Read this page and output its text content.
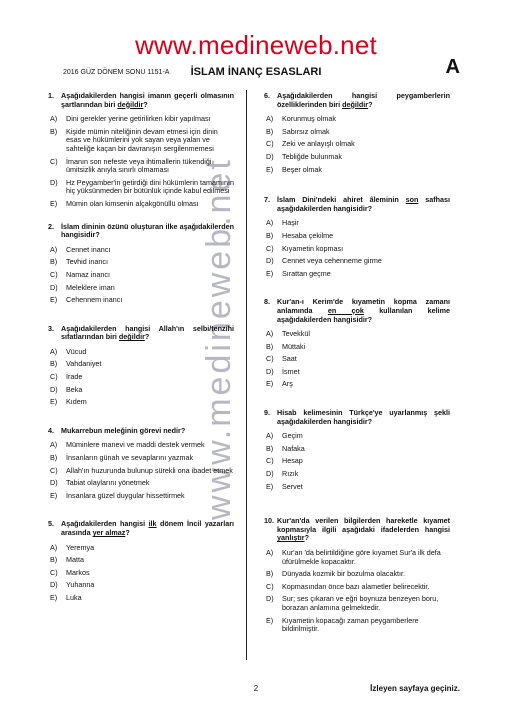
www.medineweb.net
A
2016 GÜZ DÖNEM SONU 1151-A	İSLAM İNANÇ ESASLARI
www.medineweb.net
1. Aşağıdakilerden hangisi imanın geçerli olmasının şartlarından biri değildir?
A)	Dini gerekler yerine getirilirken kibir yapılması
B)	Kişide mümin niteliğinin devam etmesi için dinin esas ve hükümlerini yok sayan veya yalan ve sahteliğe kaçan bir davranışın sergilenmemesi
C)	İmanın son nefeste veya ihtimallerin tükendiği ümitsizlik anıyla sınırlı olmaması
D)	Hz Peygamber'in getirdiği dini hükümlerin tamamının hiç yüksünmeden bir bütünlük içinde kabul edilmesi
E)	Mümin olan kimsenin alçakgönüllü olması
2. İslam dininin özünü oluşturan ilke aşağıdakilerden hangisidir?
A)	Cennet inancı
B)	Tevhid inancı
C)	Namaz inancı
D)	Meleklere iman
E)	Cehennem inancı
3. Aşağıdakilerden hangisi Allah'ın selbi/tenzihi sıfatlarından biri değildir?
A)	Vücud
B)	Vahdaniyet
C)	İrade
D)	Beka
E)	Kıdem
4. Mukarrebun meleğinin görevi nedir?
A)	Müminlere manevi ve maddi destek vermek
B)	İnsanların günah ve sevaplarını yazmak
C)	Allah'ın huzurunda bulunup sürekli ona ibadet etmek
D)	Tabiat olaylarını yönetmek
E)	İnsanlara güzel duygular hissettirmek
5. Aşağıdakilerden hangisi ilk dönem İncil yazarları arasında yer almaz?
A)	Yeremya
B)	Matta
C)	Markos
D)	Yuhanna
E)	Luka
6. Aşağıdakilerden hangisi peygamberlerin özelliklerinden biri değildir?
A)	Korunmuş olmak
B)	Sabırsız olmak
C)	Zeki ve anlayışlı olmak
D)	Tebliğde bulunmak
E)	Beşer olmak
7. İslam Dini'ndeki ahiret âleminin son safhası aşağıdakilerden hangisidir?
A)	Haşir
B)	Hesaba çekilme
C)	Kıyametin kopması
D)	Cennet veya cehenneme girme
E)	Sırattan geçme
8. Kur'an-ı Kerim'de kıyametin kopma zamanı anlamında en çok kullanılan kelime aşağıdakilerden hangisidir?
A)	Tevekkül
B)	Müttaki
C)	Saat
D)	İsmet
E)	Arş
9. Hisab kelimesinin Türkçe'ye uyarlanmış şekli aşağıdakilerden hangisidir?
A)	Geçim
B)	Nafaka
C)	Hesap
D)	Rızık
E)	Servet
10. Kur'an'da verilen bilgilerden hareketle kıyamet kopmasıyla ilgili aşağıdaki ifadelerden hangisi yanlıştır?
A)	Kur'an 'da belirtildiğine göre kıyamet Sur'a ilk defa üfürülmekle kopacaktır.
B)	Dünyada kozmik bir bozulma olacaktır.
C)	Kopmasından önce bazı alametler belirecektir.
D)	Sur; ses çıkaran ve eğri boynuza benzeyen boru, borazan anlamına gelmektedir.
E)	Kıyametin kopacağı zaman peygamberlere bildirilmiştir.
2	İzleyen sayfaya geçiniz.
